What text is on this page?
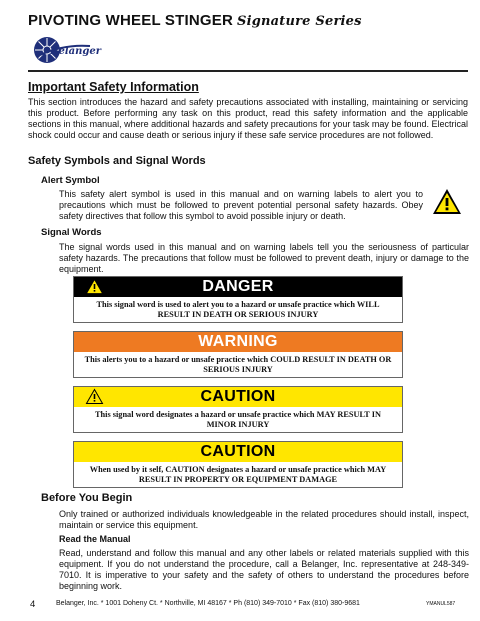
PIVOTING WHEEL STINGER Signature Series
Belanger
Important Safety Information
This section introduces the hazard and safety precautions associated with installing, maintaining or servicing this product. Before performing any task on this product, read this safety information and the applicable sections in this manual, where additional hazards and safety precautions for your task may be found. Electrical shock could occur and cause death or serious injury if these safe service procedures are not followed.
Safety Symbols and Signal Words
Alert Symbol
This safety alert symbol is used in this manual and on warning labels to alert you to precautions which must be followed to prevent potential personal safety hazards. Obey safety directives that follow this symbol to avoid possible injury or death.
Signal Words
The signal words used in this manual and on warning labels tell you the seriousness of particular safety hazards. The precautions that follow must be followed to prevent death, injury or damage to the equipment.
DANGER
This signal word is used to alert you to a hazard or unsafe practice which WILL RESULT IN DEATH OR SERIOUS INJURY
WARNING
This alerts you to a hazard or unsafe practice which COULD RESULT IN DEATH OR SERIOUS INJURY
CAUTION
This signal word designates a hazard or unsafe practice which MAY RESULT IN MINOR INJURY
CAUTION
When used by it self, CAUTION designates a hazard or unsafe practice which MAY RESULT IN PROPERTY OR EQUIPMENT DAMAGE
Before You Begin
Only trained or authorized individuals knowledgeable in the related procedures should install, inspect, maintain or service this equipment.
Read the Manual
Read, understand and follow this manual and any other labels or related materials supplied with this equipment. If you do not understand the procedure, call a Belanger, Inc. representative at 248-349-7010. It is imperative to your safety and the safety of others to understand the procedures before beginning work.
4	Belanger, Inc. * 1001 Doheny Ct. * Northville, MI 48167 * Ph (810) 349-7010 * Fax (810) 380-9681	YMANUL587
